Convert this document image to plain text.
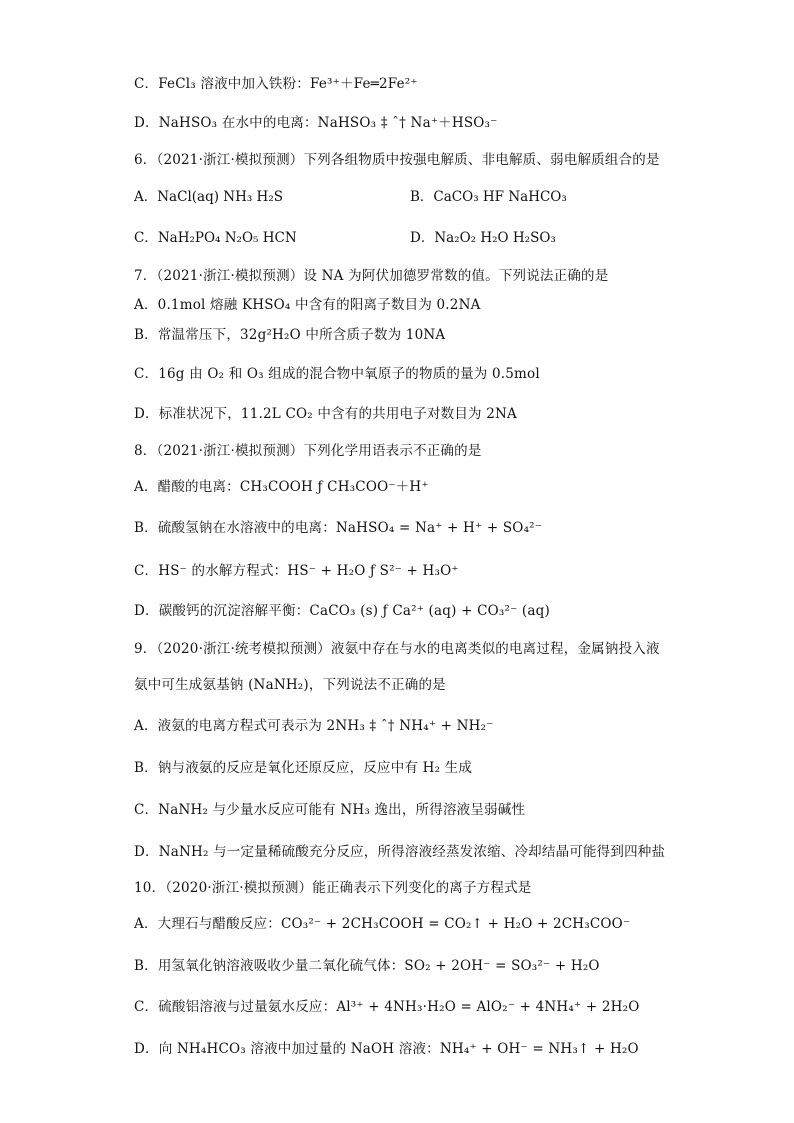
C．FeCl₃ 溶液中加入铁粉：Fe³⁺＋Fe═2Fe²⁺
D．NaHSO₃ 在水中的电离：NaHSO₃ ‡ ˆ† Na⁺＋HSO₃⁻
6．（2021·浙江·模拟预测）下列各组物质中按强电解质、非电解质、弱电解质组合的是
7．（2021·浙江·模拟预测）设 NA 为阿伏加德罗常数的值。下列说法正确的是
A．0.1mol 熔融 KHSO₄ 中含有的阳离子数目为 0.2NA
B．常温常压下，32g²H₂O 中所含质子数为 10NA
C．16g 由 O₂ 和 O₃ 组成的混合物中氧原子的物质的量为 0.5mol
D．标准状况下，11.2L CO₂ 中含有的共用电子对数目为 2NA
8．（2021·浙江·模拟预测）下列化学用语表示不正确的是
A．醋酸的电离：CH₃COOH ƒ CH₃COO⁻＋H⁺
B．硫酸氢钠在水溶液中的电离：NaHSO₄ = Na⁺ + H⁺ + SO₄²⁻
C．HS⁻ 的水解方程式：HS⁻ + H₂O ƒ S²⁻ + H₃O⁺
D．碳酸钙的沉淀溶解平衡：CaCO₃ (s) ƒ Ca²⁺ (aq) + CO₃²⁻ (aq)
9．（2020·浙江·统考模拟预测）液氨中存在与水的电离类似的电离过程，金属钠投入液
氨中可生成氨基钠 (NaNH₂)，下列说法不正确的是
A．液氨的电离方程式可表示为 2NH₃ ‡ ˆ† NH₄⁺ + NH₂⁻
B．钠与液氨的反应是氧化还原反应，反应中有 H₂ 生成
C．NaNH₂ 与少量水反应可能有 NH₃ 逸出，所得溶液呈弱碱性
D．NaNH₂ 与一定量稀硫酸充分反应，所得溶液经蒸发浓缩、冷却结晶可能得到四种盐
10．（2020·浙江·模拟预测）能正确表示下列变化的离子方程式是
A．大理石与醋酸反应：CO₃²⁻ + 2CH₃COOH = CO₂↑ + H₂O + 2CH₃COO⁻
B．用氢氧化钠溶液吸收少量二氧化硫气体：SO₂ + 2OH⁻ = SO₃²⁻ + H₂O
C．硫酸铝溶液与过量氨水反应：Al³⁺ + 4NH₃·H₂O = AlO₂⁻ + 4NH₄⁺ + 2H₂O
D．向 NH₄HCO₃ 溶液中加过量的 NaOH 溶液：NH₄⁺ + OH⁻ = NH₃↑ + H₂O
A．NaCl(aq) NH₃ H₂S	B．CaCO₃ HF NaHCO₃
C．NaH₂PO₄ N₂O₅ HCN	D．Na₂O₂ H₂O H₂SO₃
